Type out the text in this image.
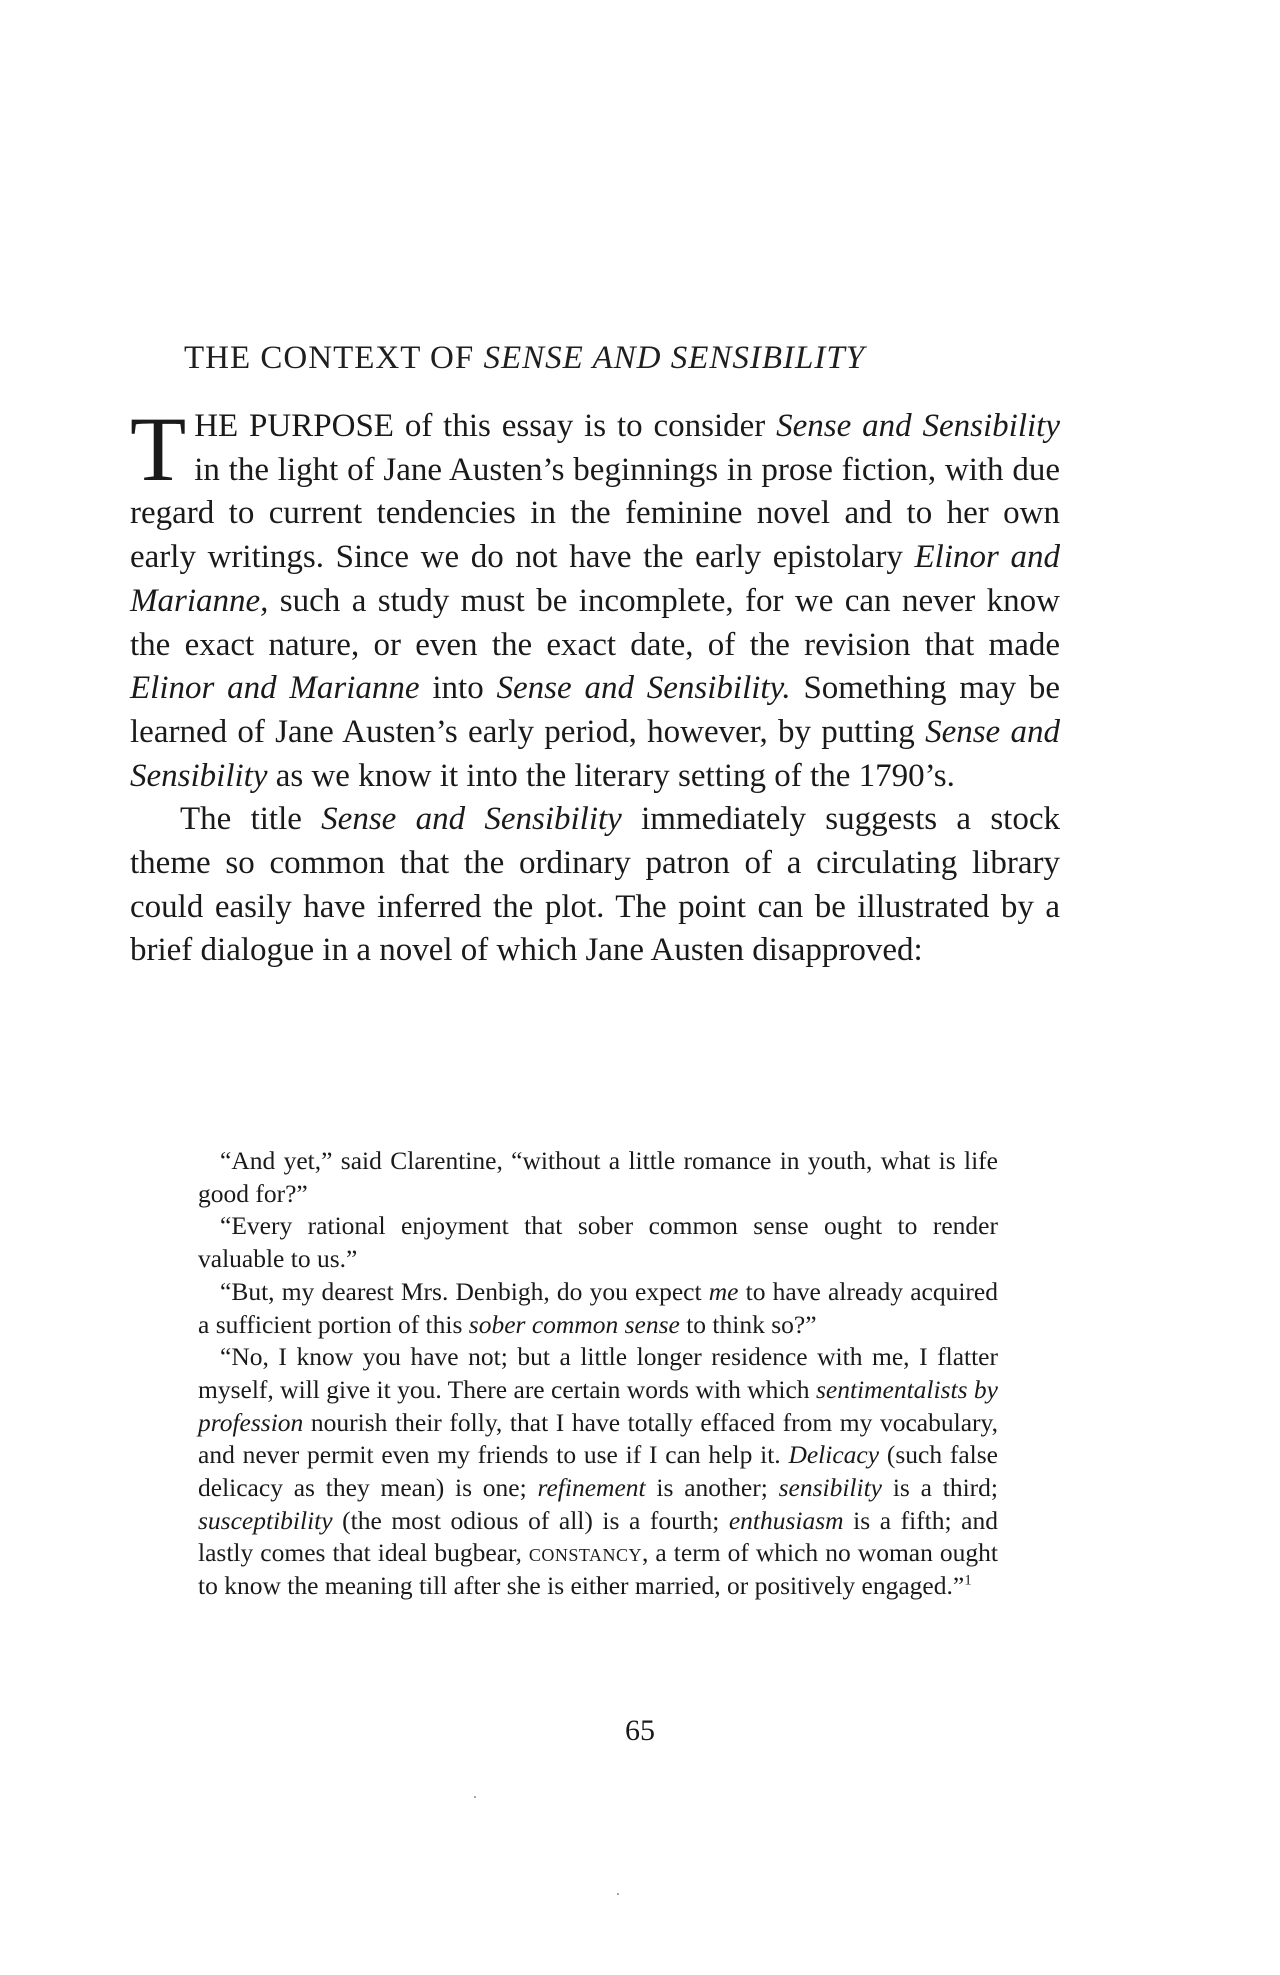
THE CONTEXT OF SENSE AND SENSIBILITY

THE PURPOSE of this essay is to consider Sense and Sensibility in the light of Jane Austen’s beginnings in prose fiction, with due regard to current tendencies in the feminine novel and to her own early writings. Since we do not have the early epistolary Elinor and Marianne, such a study must be incomplete, for we can never know the exact nature, or even the exact date, of the revision that made Elinor and Marianne into Sense and Sensibility. Something may be learned of Jane Austen’s early period, however, by putting Sense and Sensibility as we know it into the literary setting of the 1790’s.

The title Sense and Sensibility immediately suggests a stock theme so common that the ordinary patron of a circulating library could easily have inferred the plot. The point can be illustrated by a brief dialogue in a novel of which Jane Austen disapproved:

“And yet,” said Clarentine, “without a little romance in youth, what is life good for?”

“Every rational enjoyment that sober common sense ought to render valuable to us.”

“But, my dearest Mrs. Denbigh, do you expect me to have already acquired a sufficient portion of this sober common sense to think so?”

“No, I know you have not; but a little longer residence with me, I flatter myself, will give it you. There are certain words with which sentimentalists by profession nourish their folly, that I have totally effaced from my vocabulary, and never permit even my friends to use if I can help it. Delicacy (such false delicacy as they mean) is one; refinement is another; sensibility is a third; susceptibility (the most odious of all) is a fourth; enthusiasm is a fifth; and lastly comes that ideal bugbear, constancy, a term of which no woman ought to know the meaning till after she is either married, or positively engaged.”$^1$

65
